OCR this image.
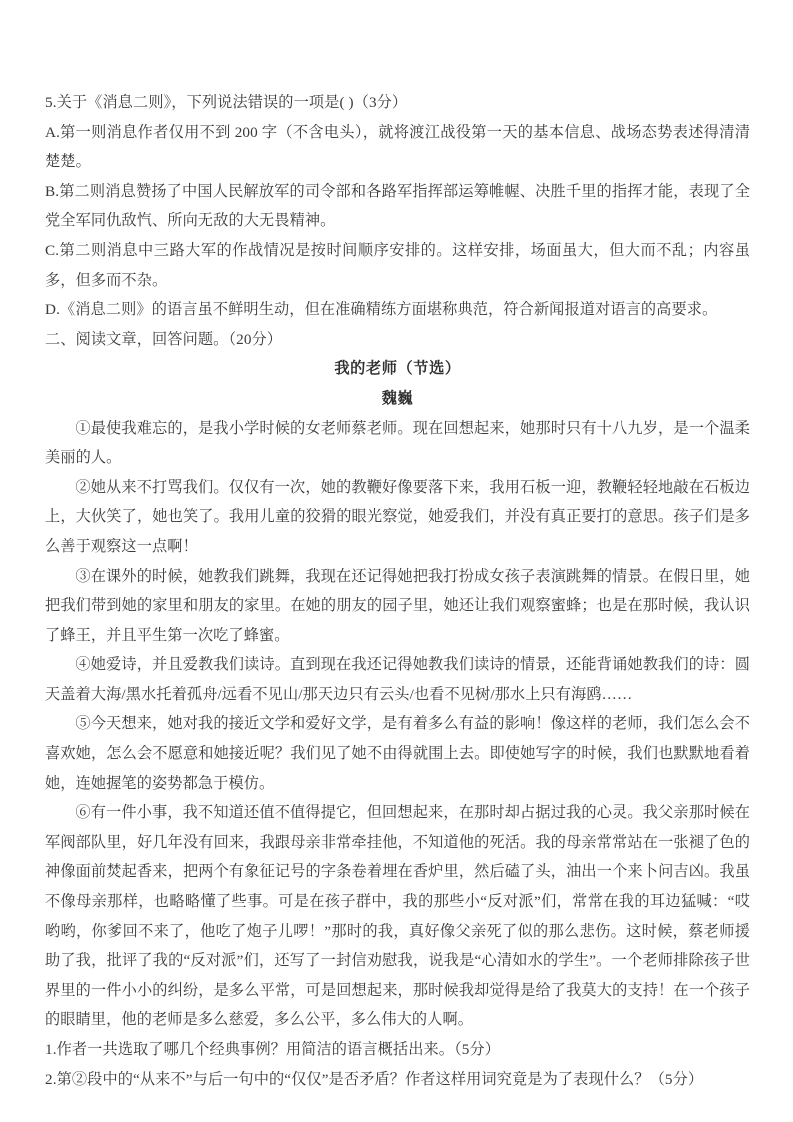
5.关于《消息二则》，下列说法错误的一项是( )（3分）

A.第一则消息作者仅用不到 200 字（不含电头），就将渡江战役第一天的基本信息、战场态势表述得清清楚楚。

B.第二则消息赞扬了中国人民解放军的司令部和各路军指挥部运筹帷幄、决胜千里的指挥才能，表现了全党全军同仇敌忾、所向无敌的大无畏精神。

C.第二则消息中三路大军的作战情况是按时间顺序安排的。这样安排，场面虽大，但大而不乱；内容虽多，但多而不杂。

D.《消息二则》的语言虽不鲜明生动，但在准确精练方面堪称典范，符合新闻报道对语言的高要求。

二、阅读文章，回答问题。（20分）

我的老师（节选）

魏巍

①最使我难忘的，是我小学时候的女老师蔡老师。现在回想起来，她那时只有十八九岁，是一个温柔美丽的人。

②她从来不打骂我们。仅仅有一次，她的教鞭好像要落下来，我用石板一迎，教鞭轻轻地敲在石板边上，大伙笑了，她也笑了。我用儿童的狡猾的眼光察觉，她爱我们，并没有真正要打的意思。孩子们是多么善于观察这一点啊！

③在课外的时候，她教我们跳舞，我现在还记得她把我打扮成女孩子表演跳舞的情景。在假日里，她把我们带到她的家里和朋友的家里。在她的朋友的园子里，她还让我们观察蜜蜂；也是在那时候，我认识了蜂王，并且平生第一次吃了蜂蜜。

④她爱诗，并且爱教我们读诗。直到现在我还记得她教我们读诗的情景，还能背诵她教我们的诗：圆天盖着大海/黑水托着孤舟/远看不见山/那天边只有云头/也看不见树/那水上只有海鸥……

⑤今天想来，她对我的接近文学和爱好文学，是有着多么有益的影响！像这样的老师，我们怎么会不喜欢她，怎么会不愿意和她接近呢？我们见了她不由得就围上去。即使她写字的时候，我们也默默地看着她，连她握笔的姿势都急于模仿。

⑥有一件小事，我不知道还值不值得提它，但回想起来，在那时却占据过我的心灵。我父亲那时候在军阀部队里，好几年没有回来，我跟母亲非常牵挂他，不知道他的死活。我的母亲常常站在一张褪了色的神像面前焚起香来，把两个有象征记号的字条卷着埋在香炉里，然后磕了头，油出一个来卜问吉凶。我虽不像母亲那样，也略略懂了些事。可是在孩子群中，我的那些小“反对派”们，常常在我的耳边猛喊：“哎哟哟，你爹回不来了，他吃了炮子儿啰！”那时的我，真好像父亲死了似的那么悲伤。这时候，蔡老师援助了我，批评了我的“反对派”们，还写了一封信劝慰我，说我是“心清如水的学生”。一个老师排除孩子世界里的一件小小的纠纷，是多么平常，可是回想起来，那时候我却觉得是给了我莫大的支持！在一个孩子的眼睛里，他的老师是多么慈爱，多么公平，多么伟大的人啊。

1.作者一共选取了哪几个经典事例？用简洁的语言概括出来。（5分）

2.第②段中的“从来不”与后一句中的“仅仅”是否矛盾？作者这样用词究竟是为了表现什么？（5分）
